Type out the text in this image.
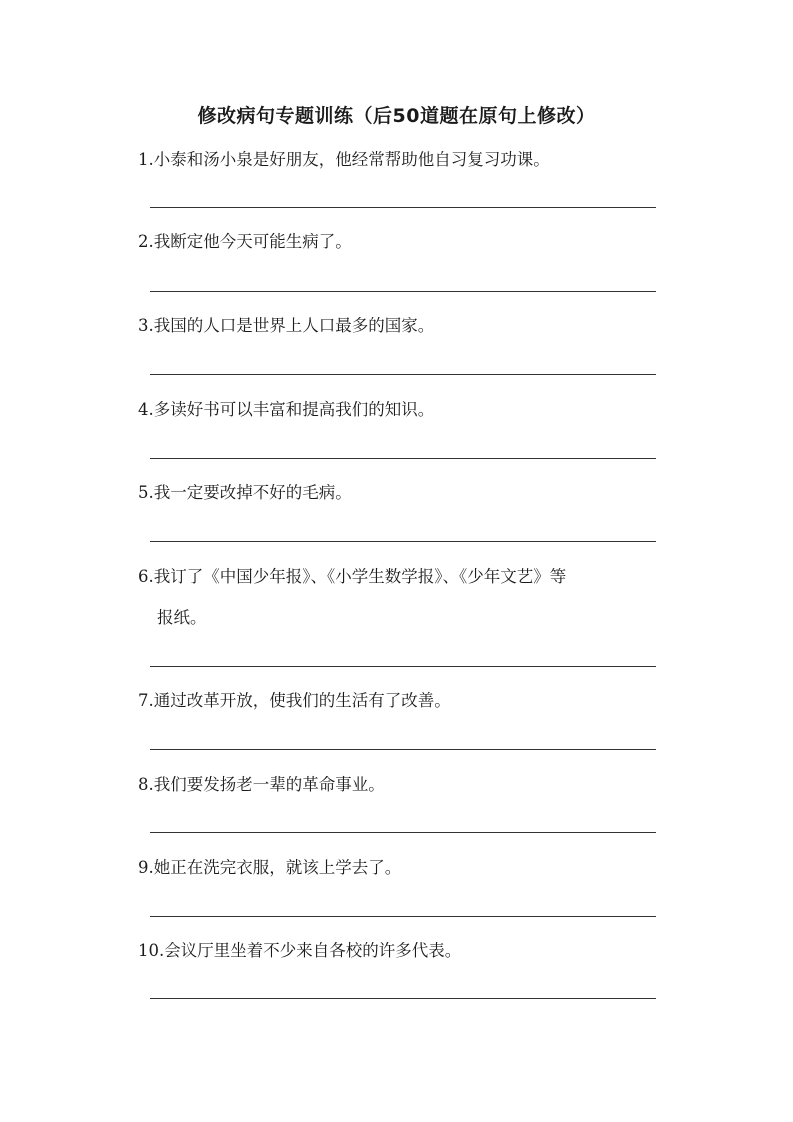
修改病句专题训练（后50道题在原句上修改）
1.小泰和汤小泉是好朋友，他经常帮助他自习复习功课。
2.我断定他今天可能生病了。
3.我国的人口是世界上人口最多的国家。
4.多读好书可以丰富和提高我们的知识。
5.我一定要改掉不好的毛病。
6.我订了《中国少年报》、《小学生数学报》、《少年文艺》等
报纸。
7.通过改革开放，使我们的生活有了改善。
8.我们要发扬老一辈的革命事业。
9.她正在洗完衣服，就该上学去了。
10.会议厅里坐着不少来自各校的许多代表。
